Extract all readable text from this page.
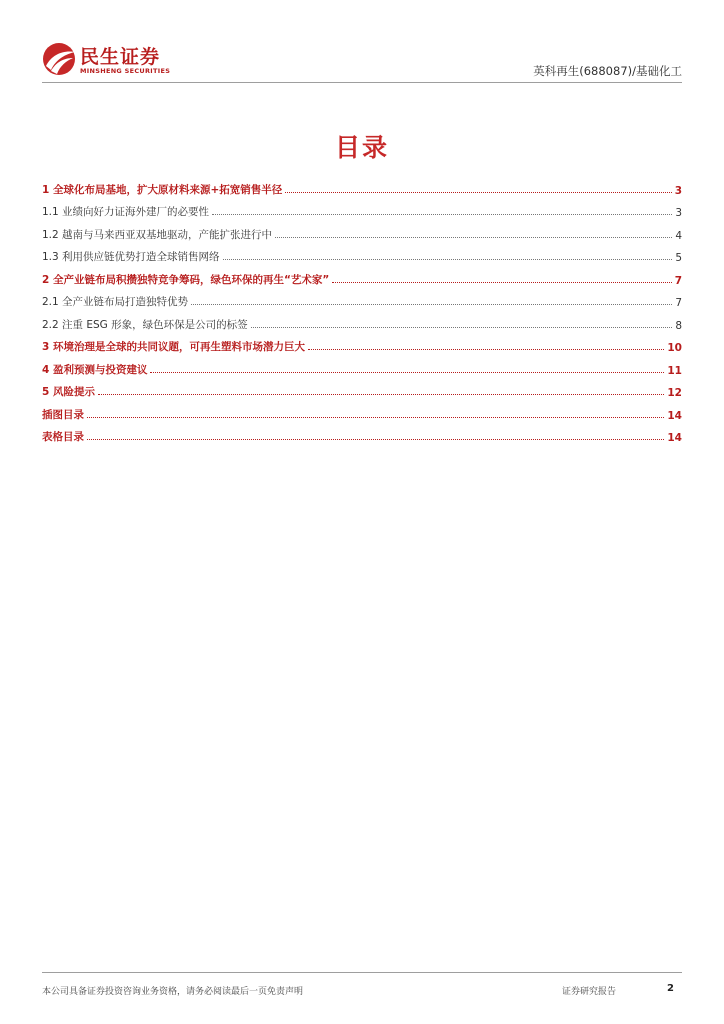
民生证券
MINSHENG SECURITIES	英科再生(688087)/基础化工
目录
1 全球化布局基地，扩大原材料来源+拓宽销售半径	3
1.1 业绩向好力证海外建厂的必要性	3
1.2 越南与马来西亚双基地驱动，产能扩张进行中	4
1.3 利用供应链优势打造全球销售网络	5
2 全产业链布局积攒独特竞争筹码，绿色环保的再生“艺术家”	7
2.1 全产业链布局打造独特优势	7
2.2 注重 ESG 形象，绿色环保是公司的标签	8
3 环境治理是全球的共同议题，可再生塑料市场潜力巨大	10
4 盈利预测与投资建议	11
5 风险提示	12
插图目录	14
表格目录	14
本公司具备证券投资咨询业务资格，请务必阅读最后一页免责声明	证券研究报告	2
